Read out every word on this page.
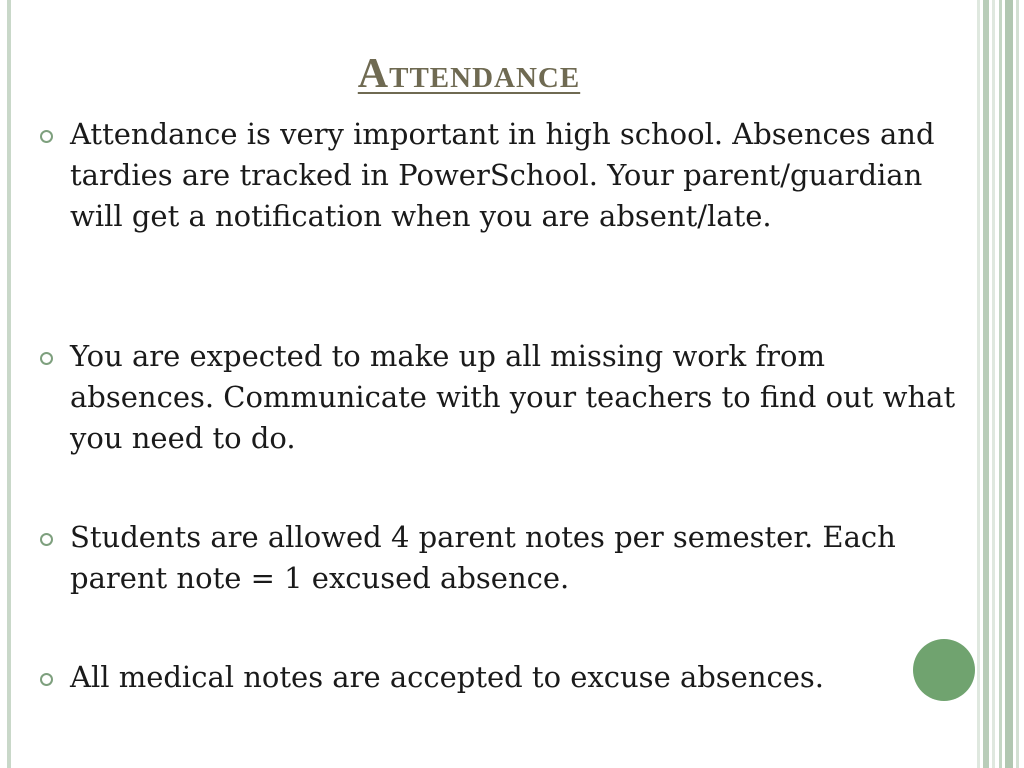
Attendance
Attendance is very important in high school. Absences and tardies are tracked in PowerSchool. Your parent/guardian will get a notification when you are absent/late.
You are expected to make up all missing work from absences. Communicate with your teachers to find out what you need to do.
Students are allowed 4 parent notes per semester. Each parent note = 1 excused absence.
All medical notes are accepted to excuse absences.
